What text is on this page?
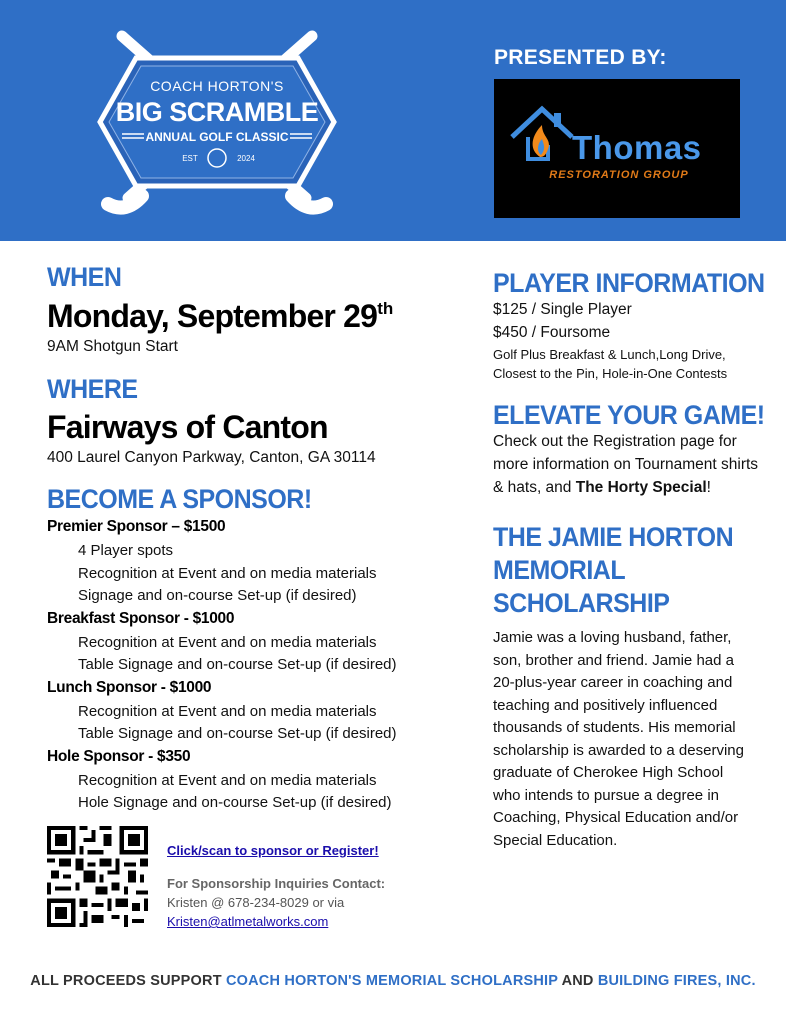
COACH HORTON'S
BIG SCRAMBLE
ANNUAL GOLF CLASSIC
EST	2024
PRESENTED BY:
Thomas
RESTORATION GROUP
WHEN
Monday, September 29th
9AM Shotgun Start
WHERE
Fairways of Canton
400 Laurel Canyon Parkway, Canton, GA 30114
BECOME A SPONSOR!
Premier Sponsor – $1500
4 Player spots
Recognition at Event and on media materials
Signage and on-course Set-up (if desired)
Breakfast Sponsor - $1000
Recognition at Event and on media materials
Table Signage and on-course Set-up (if desired)
Lunch Sponsor - $1000
Recognition at Event and on media materials
Table Signage and on-course Set-up (if desired)
Hole Sponsor - $350
Recognition at Event and on media materials
Hole Signage and on-course Set-up (if desired)
Click/scan to sponsor or Register!
For Sponsorship Inquiries Contact:
Kristen @ 678-234-8029 or via
Kristen@atlmetalworks.com
PLAYER INFORMATION
$125 / Single Player
$450 / Foursome
Golf Plus Breakfast & Lunch,Long Drive,
Closest to the Pin, Hole-in-One Contests
ELEVATE YOUR GAME!
Check out the Registration page for
more information on Tournament shirts
& hats, and The Horty Special!
THE JAMIE HORTON
MEMORIAL
SCHOLARSHIP
Jamie was a loving husband, father, son, brother and friend. Jamie had a 20-plus-year career in coaching and teaching and positively influenced thousands of students. His memorial scholarship is awarded to a deserving graduate of Cherokee High School who intends to pursue a degree in Coaching, Physical Education and/or Special Education.
ALL PROCEEDS SUPPORT COACH HORTON'S MEMORIAL SCHOLARSHIP AND BUILDING FIRES, INC.
